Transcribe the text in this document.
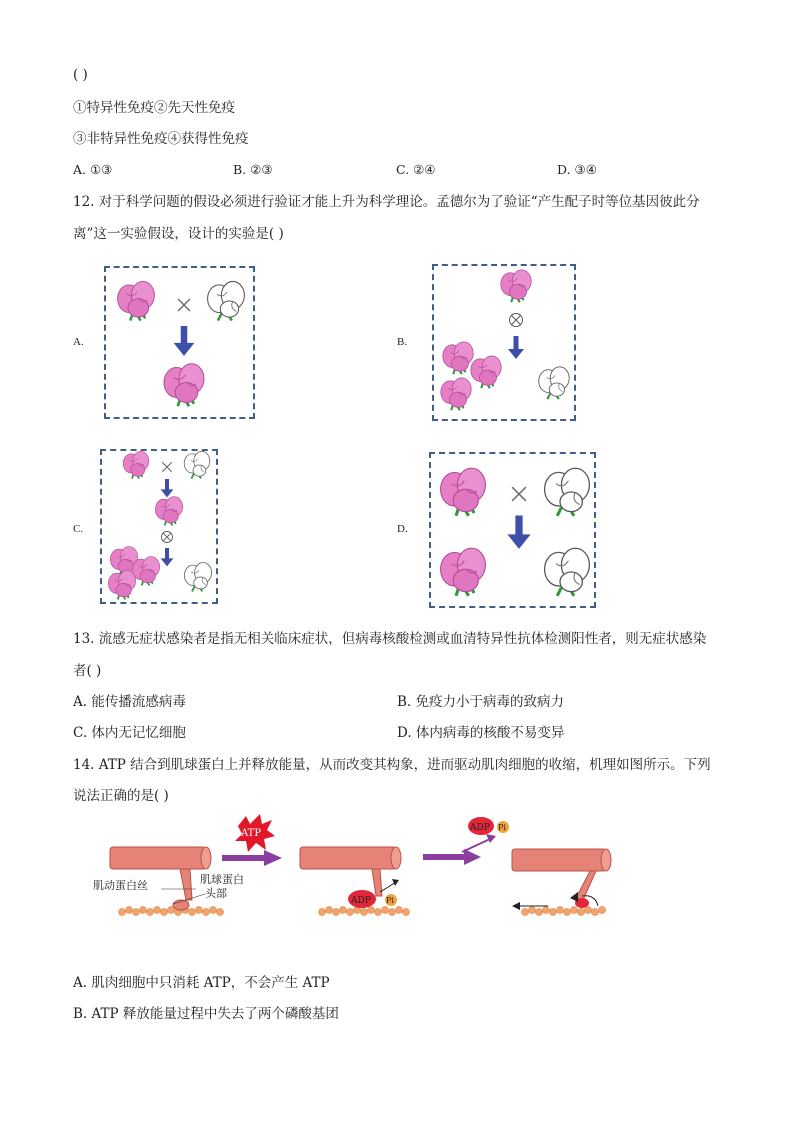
( )
①特异性免疫②先天性免疫
③非特异性免疫④获得性免疫
A. ①③	B. ②③	C. ②④	D. ③④
12. 对于科学问题的假设必须进行验证才能上升为科学理论。孟德尔为了验证“产生配子时等位基因彼此分
离”这一实验假设，设计的实验是( )
A.	B.
C.	D.
13. 流感无症状感染者是指无相关临床症状，但病毒核酸检测或血清特异性抗体检测阳性者，则无症状感染
者( )
A. 能传播流感病毒	B. 免疫力小于病毒的致病力
C. 体内无记忆细胞	D. 体内病毒的核酸不易变异
14. ATP 结合到肌球蛋白上并释放能量，从而改变其构象，进而驱动肌肉细胞的收缩，机理如图所示。下列
说法正确的是( )
肌动蛋白丝	肌球蛋白
头部
ATP
ADP Pi
ADP Pi
A. 肌肉细胞中只消耗 ATP，不会产生 ATP
B. ATP 释放能量过程中失去了两个磷酸基团
